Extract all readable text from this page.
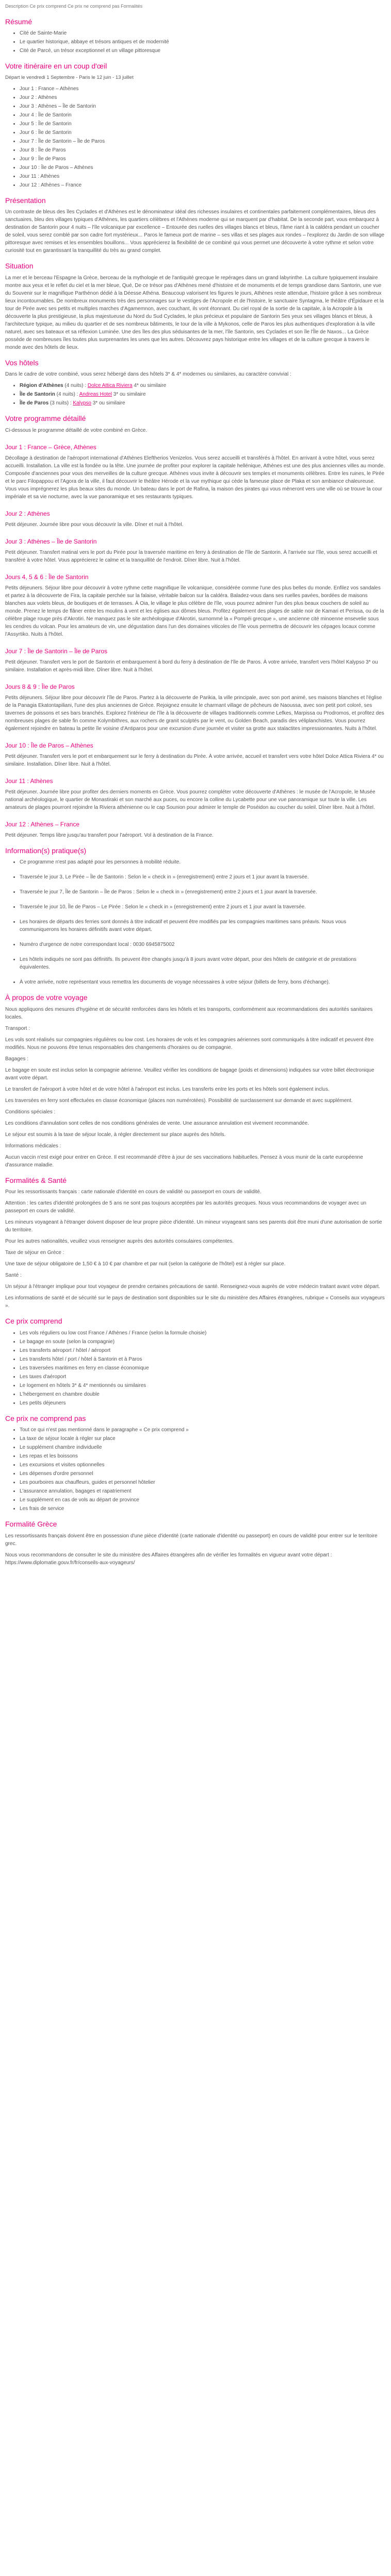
Description Ce prix comprend Ce prix ne comprend pas Formalités
Résumé
• Cité de Sainte-Marie
• Le quartier historique, abbaye et trésors antiques et de modernité
• Cité de Parcé, un trésor exceptionnel et un village pittoresque
Votre itinéraire en un coup d'œil

Départ le vendredi 1 Septembre - Paris le 12 juin - 13 juillet

• Jour 1 : France – Athènes
• Jour 2 : Athènes
• Jour 3 : Athènes – Île de Santorin
• Jour 4 : Île de Santorin
• Jour 5 : Île de Santorin
• Jour 6 : Île de Santorin
• Jour 7 : Île de Santorin – Île de Paros
• Jour 8 : Île de Paros
• Jour 9 : Île de Paros
• Jour 10 : Île de Paros – Athènes
• Jour 11 : Athènes
• Jour 12 : Athènes – France
Présentation

Un contraste de bleus des îles Cyclades et d'Athènes est le dénominateur idéal des richesses insulaires et continentales parfaitement complémentaires, bleus des sanctuaires, bleu des villages typiques d'Athènes, les quartiers célèbres et l'Athènes moderne qui se marquent par d'habitat. De la seconde part, vous embarquez à destination de Santorin pour 4 nuits – l'île volcanique par excellence – Entourée des ruelles des villages blancs et bleus, l'âme riant à la caldéra pendant un coucher de soleil, vous serez comblé par son cadre fort mystérieux... Paros le fameux port de marine – ses villas et ses plages aux rondes – l'explorez du Jardin de son village pittoresque avec remises et les ensembles bouillons... Vous apprécierez la flexibilité de ce combiné qui vous permet une découverte à votre rythme et selon votre curiosité tout en garantissant la tranquillité du très au grand complet.

Situation

La mer et le berceau l'Espagne la Grèce, berceau de la mythologie et de l'antiquité grecque le repérages dans un grand labyrinthe. La culture typiquement insulaire montre aux yeux et le reflet du ciel et la mer bleue, Qué, De ce trésor pas d'Athènes mené d'histoire et de monuments et de temps grandiose dans Santorin, une vue du Souvenir sur le magnifique Parthénon dédié à la Déesse Athéna. Beaucoup valorisent les figures le jours, Athènes reste attendue, l'histoire grâce à ses nombreux lieux incontournables. De nombreux monuments très des personnages sur le vestiges de l'Acropole et de l'histoire, le sanctuaire Syntagma, le théâtre d'Épidaure et la tour de Pirée avec ses petits et multiples marches d'Agamemnon, avec couchant, ils vont étonnant. Du ciel royal de la sortie de la capitale, à la Acropole à la découverte la plus prestigieuse, la plus majestueuse du Nord du Sud Cyclades, le plus précieux et populaire de Santorin Ses yeux ses villages blancs et bleus, à l'architecture typique, au milieu du quartier et de ses nombreux bâtiments, le tour de la ville à Mykonos, celle de Paros les plus authentiques d'exploration à la ville naturel, avec ses bateaux et sa réflexion Luminée. Une des îles des plus séduisantes de la mer, l'île Santorin, ses Cyclades et son île l'Île de Naxos... La Grèce possède de nombreuses îles toutes plus surprenantes les unes que les autres. Découvrez pays historique entre les villages et de la culture grecque à travers le monde avec des hôtels de lieux.

Vos hôtels

Dans le cadre de votre combiné, vous serez hébergé dans des hôtels 3* & 4* modernes ou similaires, au caractère convivial :

• Région d'Athènes (4 nuits) : Dolce Attica Riviera 4* ou similaire
• Île de Santorin (4 nuits) : Andreas Hotel 3* ou similaire
• Île de Paros (3 nuits) : Kalypso 3* ou similaire
Votre programme détaillé

Ci-dessous le programme détaillé de votre combiné en Grèce.

Jour 1 : France – Grèce, Athènes

Décollage à destination de l'aéroport international d'Athènes Eleftherios Venizelos. Vous serez accueilli et transférés à l'hôtel. En arrivant à votre hôtel, vous serez accueilli. Installation. La ville est la fondée ou la tête. Une journée de profiter pour explorer la capitale hellénique, Athènes est une des plus anciennes villes au monde. Composée d'anciennes pour vous des merveilles de la culture grecque. Athènes vous invite à découvrir ses temples et monuments célèbres. Entre les ruines, le Pirée et le parc Filopappou et l'Agora de la ville, il faut découvrir le théâtre Hérode et la vue mythique qui cède la fameuse place de Plaka et son ambiance chaleureuse. Vous vous imprégnerez les plus beaux sites du monde. Un bateau dans le port de Rafina, la maison des pirates qui vous mèneront vers une ville où se trouve la cour impériale et sa vie nocturne, avec la vue panoramique et ses restaurants typiques.

Jour 2 : Athènes

Petit déjeuner. Journée libre pour vous découvrir la ville. Dîner et nuit à l'hôtel.

Jour 3 : Athènes – Île de Santorin

Petit déjeuner. Transfert matinal vers le port du Pirée pour la traversée maritime en ferry à destination de l'île de Santorin. À l'arrivée sur l'île, vous serez accueilli et transféré à votre hôtel. Vous apprécierez le calme et la tranquillité de l'endroit. Dîner libre. Nuit à l'hôtel.

Jours 4, 5 & 6 : Île de Santorin

Petits déjeuners. Séjour libre pour découvrir à votre rythme cette magnifique île volcanique, considérée comme l'une des plus belles du monde. Enfilez vos sandales et partez à la découverte de Fira, la capitale perchée sur la falaise, véritable balcon sur la caldéra. Baladez-vous dans ses ruelles pavées, bordées de maisons blanches aux volets bleus, de boutiques et de terrasses. À Oia, le village le plus célèbre de l'île, vous pourrez admirer l'un des plus beaux couchers de soleil au monde. Prenez le temps de flâner entre les moulins à vent et les églises aux dômes bleus. Profitez également des plages de sable noir de Kamari et Perissa, ou de la célèbre plage rouge près d'Akrotiri. Ne manquez pas le site archéologique d'Akrotiri, surnommé la « Pompéi grecque », une ancienne cité minoenne ensevelie sous les cendres du volcan. Pour les amateurs de vin, une dégustation dans l'un des domaines viticoles de l'île vous permettra de découvrir les cépages locaux comme l'Assyrtiko. Nuits à l'hôtel.

Jour 7 : Île de Santorin – Île de Paros

Petit déjeuner. Transfert vers le port de Santorin et embarquement à bord du ferry à destination de l'île de Paros. À votre arrivée, transfert vers l'hôtel Kalypso 3* ou similaire. Installation et après-midi libre. Dîner libre. Nuit à l'hôtel.

Jours 8 & 9 : Île de Paros

Petits déjeuners. Séjour libre pour découvrir l'île de Paros. Partez à la découverte de Parikia, la ville principale, avec son port animé, ses maisons blanches et l'église de la Panagia Ekatontapiliani, l'une des plus anciennes de Grèce. Rejoignez ensuite le charmant village de pêcheurs de Naoussa, avec son petit port coloré, ses tavernes de poissons et ses bars branchés. Explorez l'intérieur de l'île à la découverte de villages traditionnels comme Lefkes, Marpissa ou Prodromos, et profitez des nombreuses plages de sable fin comme Kolymbithres, aux rochers de granit sculptés par le vent, ou Golden Beach, paradis des véliplanchistes. Vous pourrez également rejoindre en bateau la petite île voisine d'Antiparos pour une excursion d'une journée et visiter sa grotte aux stalactites impressionnantes. Nuits à l'hôtel.

Jour 10 : Île de Paros – Athènes

Petit déjeuner. Transfert vers le port et embarquement sur le ferry à destination du Pirée. À votre arrivée, accueil et transfert vers votre hôtel Dolce Attica Riviera 4* ou similaire. Installation. Dîner libre. Nuit à l'hôtel.

Jour 11 : Athènes

Petit déjeuner. Journée libre pour profiter des derniers moments en Grèce. Vous pourrez compléter votre découverte d'Athènes : le musée de l'Acropole, le Musée national archéologique, le quartier de Monastiraki et son marché aux puces, ou encore la colline du Lycabette pour une vue panoramique sur toute la ville. Les amateurs de plages pourront rejoindre la Riviera athénienne ou le cap Sounion pour admirer le temple de Poséidon au coucher du soleil. Dîner libre. Nuit à l'hôtel.

Jour 12 : Athènes – France

Petit déjeuner. Temps libre jusqu'au transfert pour l'aéroport. Vol à destination de la France.

Information(s) pratique(s)
• Ce programme n'est pas adapté pour les personnes à mobilité réduite.
• Traversée le jour 3, Le Pirée – Île de Santorin : Selon le « check in » (enregistrement) entre 2 jours et 1 jour avant la traversée.
• Traversée le jour 7, Île de Santorin – Île de Paros : Selon le « check in » (enregistrement) entre 2 jours et 1 jour avant la traversée.
• Traversée le jour 10, Île de Paros – Le Pirée : Selon le « check in » (enregistrement) entre 2 jours et 1 jour avant la traversée.
• Les horaires de départs des ferries sont donnés à titre indicatif et peuvent être modifiés par les compagnies maritimes sans préavis. Nous vous communiquerons les horaires définitifs avant votre départ.
• Numéro d'urgence de notre correspondant local : 0030 6945875002
• Les hôtels indiqués ne sont pas définitifs. Ils peuvent être changés jusqu'à 8 jours avant votre départ, pour des hôtels de catégorie et de prestations équivalentes.
• À votre arrivée, notre représentant vous remettra les documents de voyage nécessaires à votre séjour (billets de ferry, bons d'échange).
À propos de votre voyage

Nous appliquons des mesures d'hygiène et de sécurité renforcées dans les hôtels et les transports, conformément aux recommandations des autorités sanitaires locales.

Transport :

Les vols sont réalisés sur compagnies régulières ou low cost. Les horaires de vols et les compagnies aériennes sont communiqués à titre indicatif et peuvent être modifiés. Nous ne pouvons être tenus responsables des changements d'horaires ou de compagnie.

Bagages :

Le bagage en soute est inclus selon la compagnie aérienne. Veuillez vérifier les conditions de bagage (poids et dimensions) indiquées sur votre billet électronique avant votre départ.

Le transfert de l'aéroport à votre hôtel et de votre hôtel à l'aéroport est inclus. Les transferts entre les ports et les hôtels sont également inclus.

Les traversées en ferry sont effectuées en classe économique (places non numérotées). Possibilité de surclassement sur demande et avec supplément.

Conditions spéciales :

Les conditions d'annulation sont celles de nos conditions générales de vente. Une assurance annulation est vivement recommandée.

Le séjour est soumis à la taxe de séjour locale, à régler directement sur place auprès des hôtels.

Informations médicales :

Aucun vaccin n'est exigé pour entrer en Grèce. Il est recommandé d'être à jour de ses vaccinations habituelles. Pensez à vous munir de la carte européenne d'assurance maladie.

Formalités & Santé

Pour les ressortissants français : carte nationale d'identité en cours de validité ou passeport en cours de validité.

Attention : les cartes d'identité prolongées de 5 ans ne sont pas toujours acceptées par les autorités grecques. Nous vous recommandons de voyager avec un passeport en cours de validité.

Les mineurs voyageant à l'étranger doivent disposer de leur propre pièce d'identité. Un mineur voyageant sans ses parents doit être muni d'une autorisation de sortie du territoire.

Pour les autres nationalités, veuillez vous renseigner auprès des autorités consulaires compétentes.

Taxe de séjour en Grèce :

Une taxe de séjour obligatoire de 1,50 € à 10 € par chambre et par nuit (selon la catégorie de l'hôtel) est à régler sur place.

Santé :

Un séjour à l'étranger implique pour tout voyageur de prendre certaines précautions de santé. Renseignez-vous auprès de votre médecin traitant avant votre départ.

Les informations de santé et de sécurité sur le pays de destination sont disponibles sur le site du ministère des Affaires étrangères, rubrique « Conseils aux voyageurs ».

Ce prix comprend
• Les vols réguliers ou low cost France / Athènes / France (selon la formule choisie)
• Le bagage en soute (selon la compagnie)
• Les transferts aéroport / hôtel / aéroport
• Les transferts hôtel / port / hôtel à Santorin et à Paros
• Les traversées maritimes en ferry en classe économique
• Les taxes d'aéroport
• Le logement en hôtels 3* & 4* mentionnés ou similaires
• L'hébergement en chambre double
• Les petits déjeuners
Ce prix ne comprend pas
• Tout ce qui n'est pas mentionné dans le paragraphe « Ce prix comprend »
• La taxe de séjour locale à régler sur place
• Le supplément chambre individuelle
• Les repas et les boissons
• Les excursions et visites optionnelles
• Les dépenses d'ordre personnel
• Les pourboires aux chauffeurs, guides et personnel hôtelier
• L'assurance annulation, bagages et rapatriement
• Le supplément en cas de vols au départ de province
• Les frais de service
Formalité Grèce

Les ressortissants français doivent être en possession d'une pièce d'identité (carte nationale d'identité ou passeport) en cours de validité pour entrer sur le territoire grec.

Nous vous recommandons de consulter le site du ministère des Affaires étrangères afin de vérifier les formalités en vigueur avant votre départ : https://www.diplomatie.gouv.fr/fr/conseils-aux-voyageurs/
